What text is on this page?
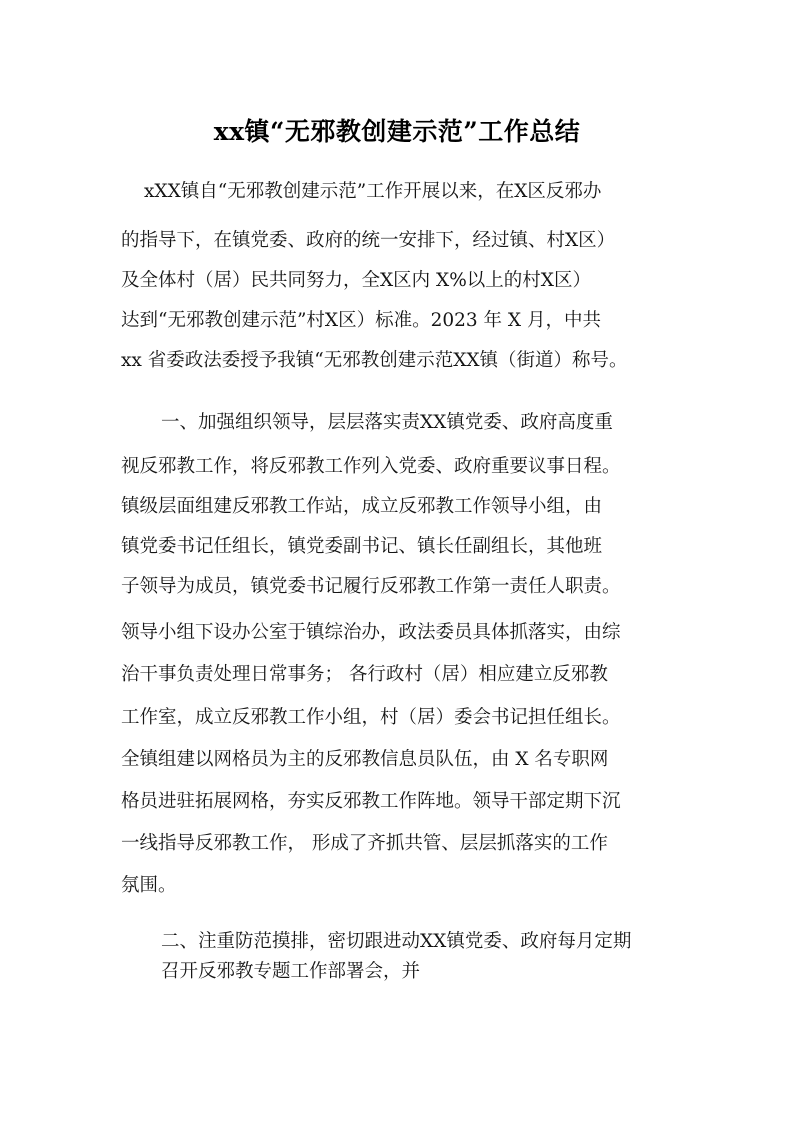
xx镇“无邪教创建示范”工作总结
xXX镇自“无邪教创建示范”工作开展以来，在X区反邪办
的指导下，在镇党委、政府的统一安排下，经过镇、村X区）
及全体村（居）民共同努力，全X区内 X%以上的村X区）
达到“无邪教创建示范”村X区）标准。2023 年 X 月，中共
xx 省委政法委授予我镇“无邪教创建示范XX镇（街道）称号。
一、加强组织领导，层层落实责XX镇党委、政府高度重
视反邪教工作，将反邪教工作列入党委、政府重要议事日程。
镇级层面组建反邪教工作站，成立反邪教工作领导小组，由
镇党委书记任组长，镇党委副书记、镇长任副组长，其他班
子领导为成员，镇党委书记履行反邪教工作第一责任人职责。
领导小组下设办公室于镇综治办，政法委员具体抓落实，由综
治干事负责处理日常事务； 各行政村（居）相应建立反邪教
工作室，成立反邪教工作小组，村（居）委会书记担任组长。
全镇组建以网格员为主的反邪教信息员队伍，由 X 名专职网
格员进驻拓展网格，夯实反邪教工作阵地。领导干部定期下沉
一线指导反邪教工作， 形成了齐抓共管、层层抓落实的工作
氛围。
二、注重防范摸排，密切跟进动XX镇党委、政府每月定期
召开反邪教专题工作部署会，并
